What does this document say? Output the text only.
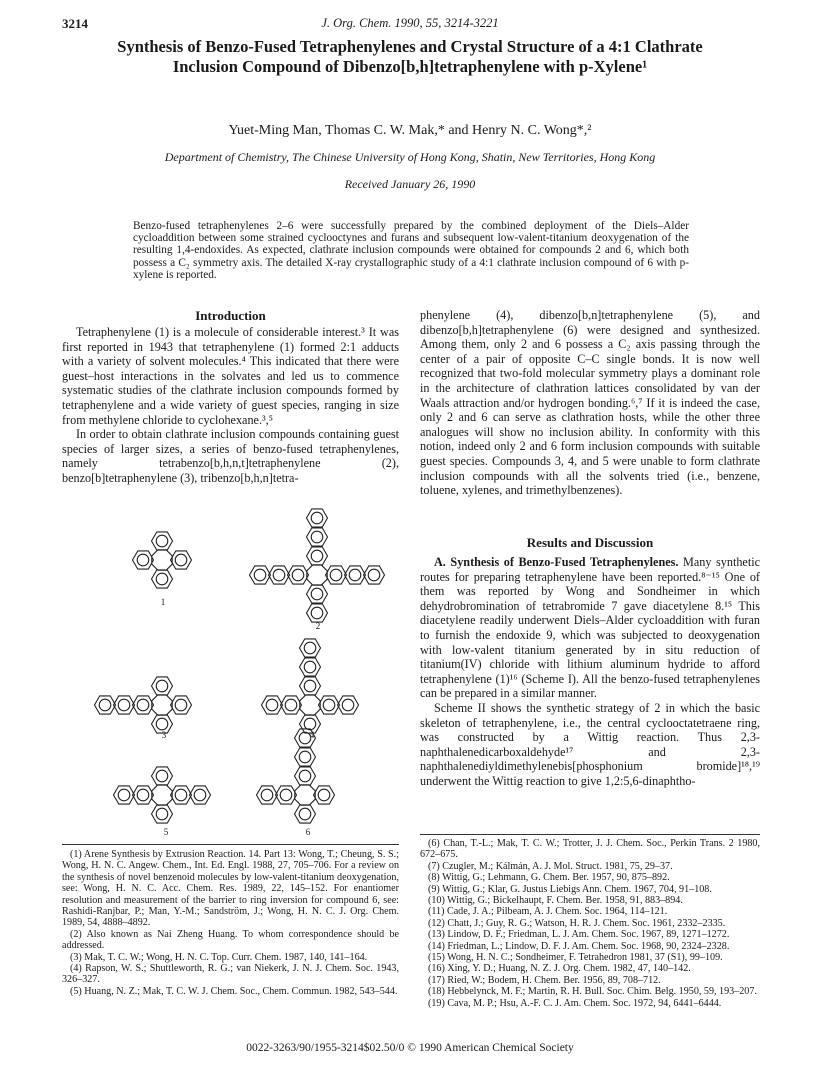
3214	J. Org. Chem. 1990, 55, 3214-3221
Synthesis of Benzo-Fused Tetraphenylenes and Crystal Structure of a 4:1 Clathrate Inclusion Compound of Dibenzo[b,h]tetraphenylene with p-Xylene¹
Yuet-Ming Man, Thomas C. W. Mak,* and Henry N. C. Wong*,²
Department of Chemistry, The Chinese University of Hong Kong, Shatin, New Territories, Hong Kong
Received January 26, 1990
Benzo-fused tetraphenylenes 2–6 were successfully prepared by the combined deployment of the Diels–Alder cycloaddition between some strained cyclooctynes and furans and subsequent low-valent-titanium deoxygenation of the resulting 1,4-endoxides. As expected, clathrate inclusion compounds were obtained for compounds 2 and 6, which both possess a C₂ symmetry axis. The detailed X-ray crystallographic study of a 4:1 clathrate inclusion compound of 6 with p-xylene is reported.
Introduction

Tetraphenylene (1) is a molecule of considerable interest.³ It was first reported in 1943 that tetraphenylene (1) formed 2:1 adducts with a variety of solvent molecules.⁴ This indicated that there were guest–host interactions in the solvates and led us to commence systematic studies of the clathrate inclusion compounds formed by tetraphenylene and a wide variety of guest species, ranging in size from methylene chloride to cyclohexane.³,⁵

In order to obtain clathrate inclusion compounds containing guest species of larger sizes, a series of benzo-fused tetraphenylenes, namely tetrabenzo[b,h,n,t]tetraphenylene (2), benzo[b]tetraphenylene (3), tribenzo[b,h,n]tetra-

1
2
3	4
5	6
(1) Arene Synthesis by Extrusion Reaction. 14. Part 13: Wong, T.; Cheung, S. S.; Wong, H. N. C. Angew. Chem., Int. Ed. Engl. 1988, 27, 705–706. For a review on the synthesis of novel benzenoid molecules by low-valent-titanium deoxygenation, see: Wong, H. N. C. Acc. Chem. Res. 1989, 22, 145–152. For enantiomer resolution and measurement of the barrier to ring inversion for compound 6, see: Rashidi-Ranjbar, P.; Man, Y.-M.; Sandström, J.; Wong, H. N. C. J. Org. Chem. 1989, 54, 4888–4892.
(2) Also known as Nai Zheng Huang. To whom correspondence should be addressed.
(3) Mak, T. C. W.; Wong, H. N. C. Top. Curr. Chem. 1987, 140, 141–164.
(4) Rapson, W. S.; Shuttleworth, R. G.; van Niekerk, J. N. J. Chem. Soc. 1943, 326–327.
(5) Huang, N. Z.; Mak, T. C. W. J. Chem. Soc., Chem. Commun. 1982, 543–544.

phenylene (4), dibenzo[b,n]tetraphenylene (5), and dibenzo[b,h]tetraphenylene (6) were designed and synthesized. Among them, only 2 and 6 possess a C₂ axis passing through the center of a pair of opposite C–C single bonds. It is now well recognized that two-fold molecular symmetry plays a dominant role in the architecture of clathration lattices consolidated by van der Waals attraction and/or hydrogen bonding.⁶,⁷ If it is indeed the case, only 2 and 6 can serve as clathration hosts, while the other three analogues will show no inclusion ability. In conformity with this notion, indeed only 2 and 6 form inclusion compounds with suitable guest species. Compounds 3, 4, and 5 were unable to form clathrate inclusion compounds with all the solvents tried (i.e., benzene, toluene, xylenes, and trimethylbenzenes).

Results and Discussion

A. Synthesis of Benzo-Fused Tetraphenylenes. Many synthetic routes for preparing tetraphenylene have been reported.⁸⁻¹⁵ One of them was reported by Wong and Sondheimer in which dehydrobromination of tetrabromide 7 gave diacetylene 8.¹⁵ This diacetylene readily underwent Diels–Alder cycloaddition with furan to furnish the endoxide 9, which was subjected to deoxygenation with low-valent titanium generated by in situ reduction of titanium(IV) chloride with lithium aluminum hydride to afford tetraphenylene (1)¹⁶ (Scheme I). All the benzo-fused tetraphenylenes can be prepared in a similar manner.

Scheme II shows the synthetic strategy of 2 in which the basic skeleton of tetraphenylene, i.e., the central cyclooctatetraene ring, was constructed by a Wittig reaction. Thus 2,3-naphthalenedicarboxaldehyde¹⁷ and 2,3-naphthalenediyldimethylenebis[phosphonium bromide]¹⁸,¹⁹ underwent the Wittig reaction to give 1,2:5,6-dinaphtho-

(6) Chan, T.-L.; Mak, T. C. W.; Trotter, J. J. Chem. Soc., Perkin Trans. 2 1980, 672–675.
(7) Czugler, M.; Kálmán, A. J. Mol. Struct. 1981, 75, 29–37.
(8) Wittig, G.; Lehmann, G. Chem. Ber. 1957, 90, 875–892.
(9) Wittig, G.; Klar, G. Justus Liebigs Ann. Chem. 1967, 704, 91–108.
(10) Wittig, G.; Bickelhaupt, F. Chem. Ber. 1958, 91, 883–894.
(11) Cade, J. A.; Pilbeam, A. J. Chem. Soc. 1964, 114–121.
(12) Chatt, J.; Guy, R. G.; Watson, H. R. J. Chem. Soc. 1961, 2332–2335.
(13) Lindow, D. F.; Friedman, L. J. Am. Chem. Soc. 1967, 89, 1271–1272.
(14) Friedman, L.; Lindow, D. F. J. Am. Chem. Soc. 1968, 90, 2324–2328.
(15) Wong, H. N. C.; Sondheimer, F. Tetrahedron 1981, 37 (S1), 99–109.
(16) Xing, Y. D.; Huang, N. Z. J. Org. Chem. 1982, 47, 140–142.
(17) Ried, W.; Bodem, H. Chem. Ber. 1956, 89, 708–712.
(18) Hebbelynck, M. F.; Martin, R. H. Bull. Soc. Chim. Belg. 1950, 59, 193–207.
(19) Cava, M. P.; Hsu, A.-F. C. J. Am. Chem. Soc. 1972, 94, 6441–6444.
0022-3263/90/1955-3214$02.50/0 © 1990 American Chemical Society
